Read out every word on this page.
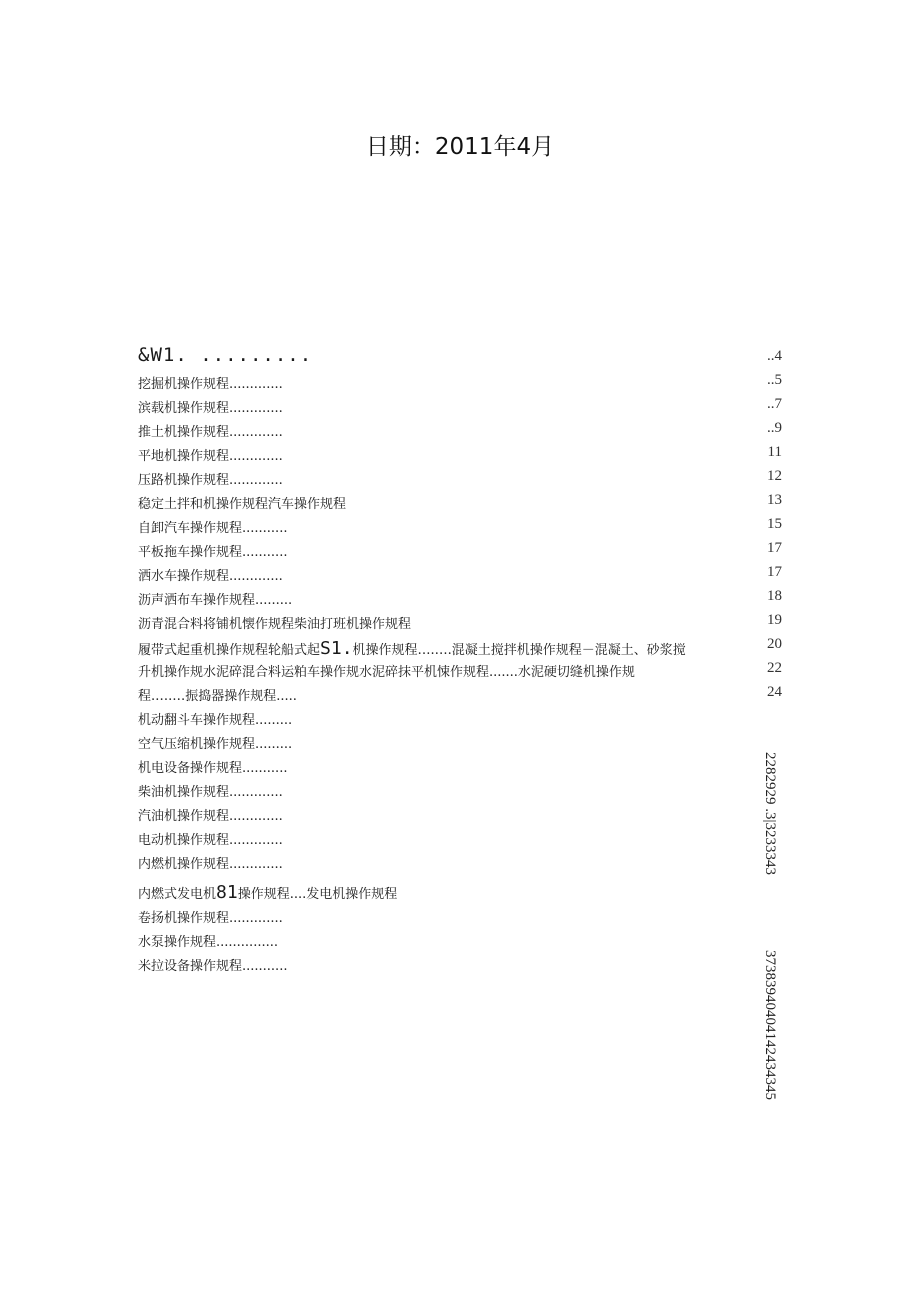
日期：2011年4月
&W1. .........
挖掘机操作规程.............
滨载机操作规程.............
推土机操作规程.............
平地机操作规程.............
压路机操作规程.............
稳定土拌和机操作规程汽车操作规程
自卸汽车操作规程...........
平板拖车操作规程...........
洒水车操作规程.............
沥声洒布车操作规程.........
沥青混合料将铺机懐作规程柴油打班机操作规程
履带式起重机操作规程轮船式起S1.机操作规程….….混凝土搅拌机操作规程－混凝土、砂浆搅
升机操作规水泥碎混合料运粕车操作规水泥碎抹平机悚作规程.......水泥硬切缝机操作规
程.….…振捣器操作规程.....
机动翻斗车操作规程.........
空气压缩机操作规程.........
机电设备操作规程...........
柴油机操作规程.............
汽油机操作规程.............
电动机操作规程.............
内燃机操作规程.............
内燃式发电机81操作规程....发电机操作规程
卷扬机操作规程.............
水泵操作规程...............
米拉设备操作规程...........
..4
..5
..7
..9
11
12
13
15
17
17
18
19
20
22
24
2282929 .3|3233343
37383940404142434345
